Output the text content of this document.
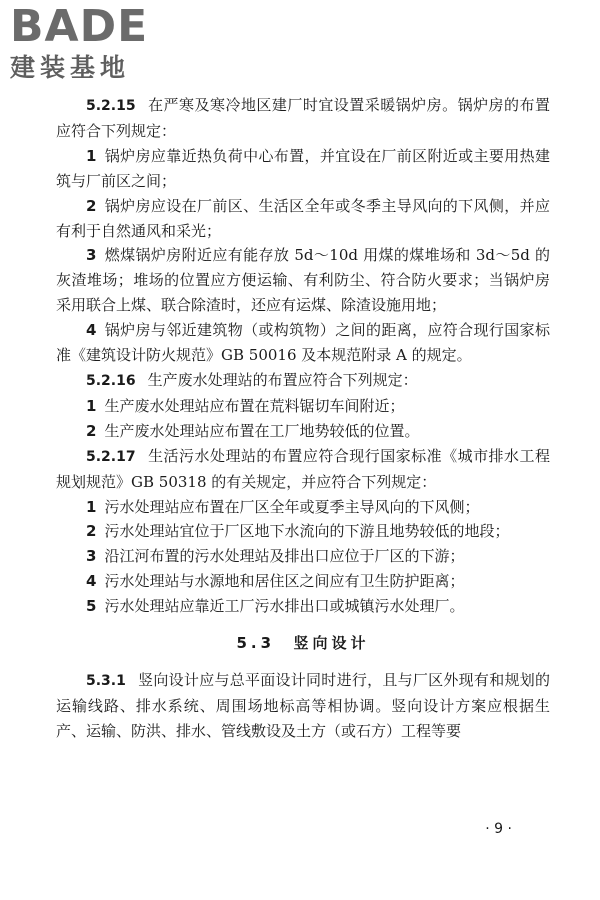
BADE
建装基地

5.2.15 在严寒及寒冷地区建厂时宜设置采暖锅炉房。锅炉房的布置应符合下列规定：

1 锅炉房应靠近热负荷中心布置，并宜设在厂前区附近或主要用热建筑与厂前区之间；

2 锅炉房应设在厂前区、生活区全年或冬季主导风向的下风侧，并应有利于自然通风和采光；

3 燃煤锅炉房附近应有能存放 5d～10d 用煤的煤堆场和 3d～5d 的灰渣堆场；堆场的位置应方便运输、有利防尘、符合防火要求；当锅炉房采用联合上煤、联合除渣时，还应有运煤、除渣设施用地；

4 锅炉房与邻近建筑物（或构筑物）之间的距离，应符合现行国家标准《建筑设计防火规范》GB 50016 及本规范附录 A 的规定。

5.2.16 生产废水处理站的布置应符合下列规定：

1 生产废水处理站应布置在荒料锯切车间附近；

2 生产废水处理站应布置在工厂地势较低的位置。

5.2.17 生活污水处理站的布置应符合现行国家标准《城市排水工程规划规范》GB 50318 的有关规定，并应符合下列规定：

1 污水处理站应布置在厂区全年或夏季主导风向的下风侧；

2 污水处理站宜位于厂区地下水流向的下游且地势较低的地段；

3 沿江河布置的污水处理站及排出口应位于厂区的下游；

4 污水处理站与水源地和居住区之间应有卫生防护距离；

5 污水处理站应靠近工厂污水排出口或城镇污水处理厂。

5.3 竖向设计

5.3.1 竖向设计应与总平面设计同时进行，且与厂区外现有和规划的运输线路、排水系统、周围场地标高等相协调。竖向设计方案应根据生产、运输、防洪、排水、管线敷设及土方（或石方）工程等要

· 9 ·
